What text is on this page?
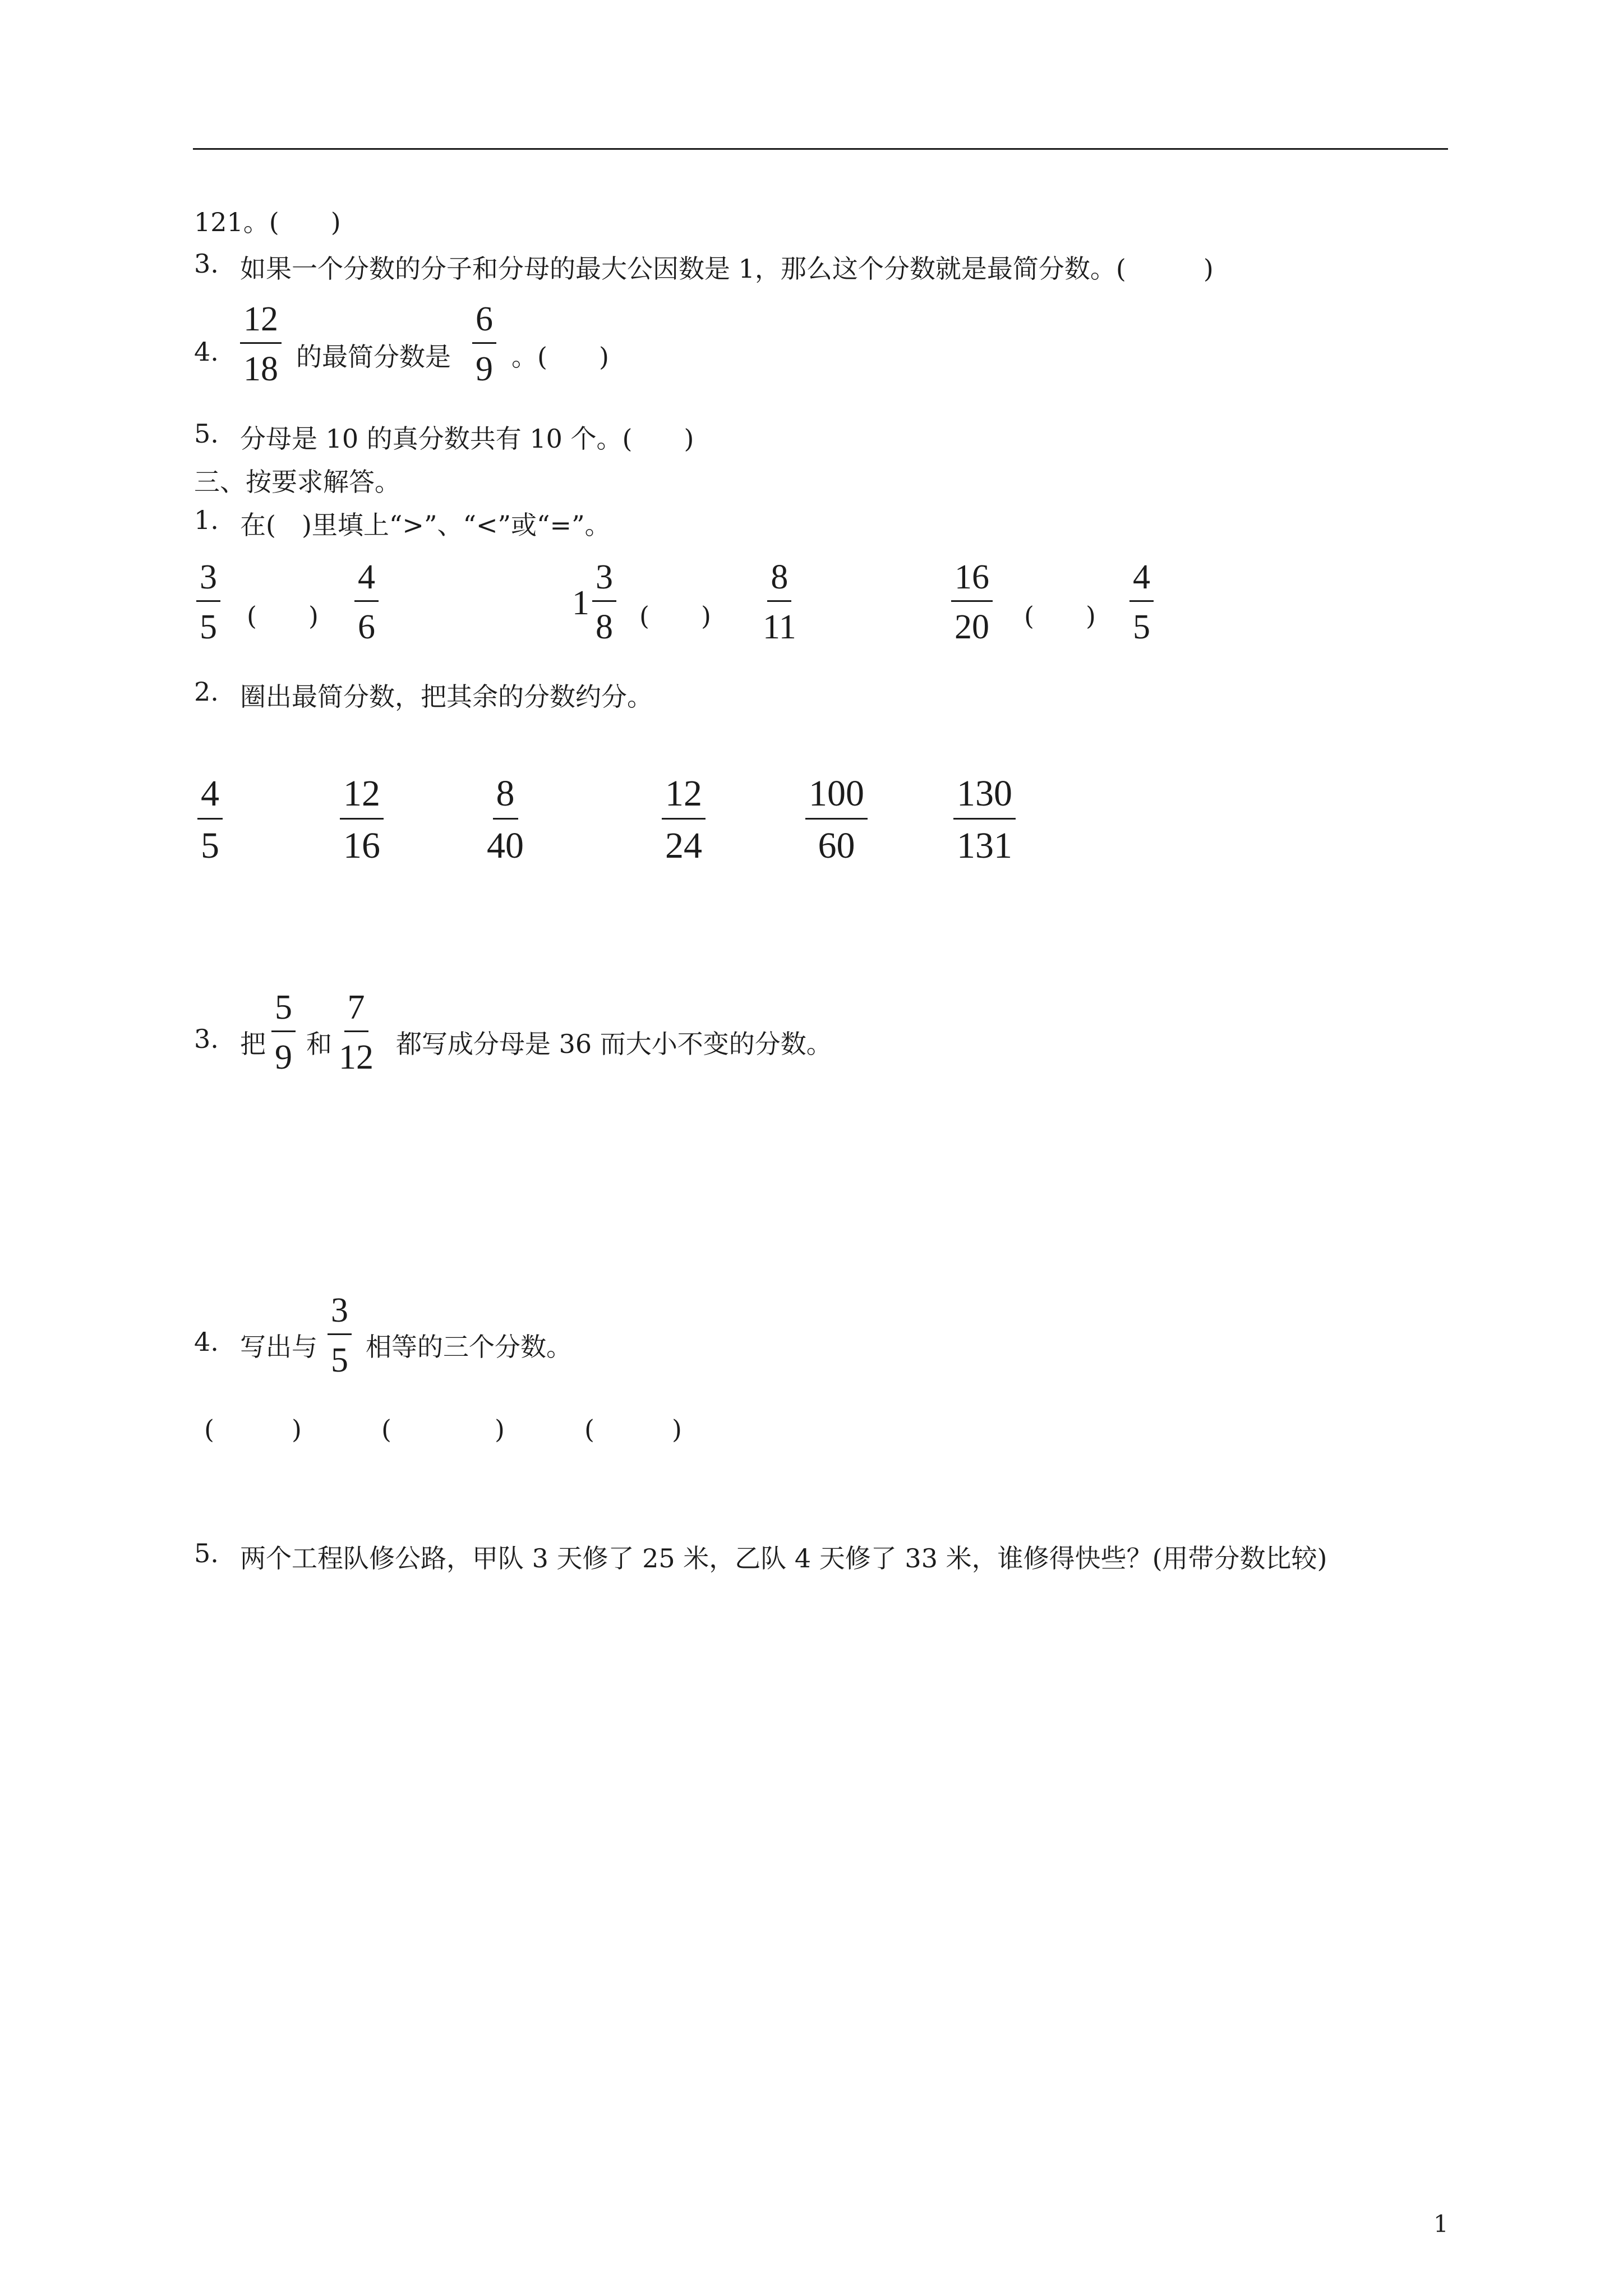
121。(　　)
3. 如果一个分数的分子和分母的最大公因数是 1，那么这个分数就是最简分数。(　　　)
4. $\frac{12}{18}$ 的最简分数是 $\frac{6}{9}$ 。(　　)
5. 分母是 10 的真分数共有 10 个。(　　)
三、按要求解答。
1. 在(　)里填上“>”、“<”或“=”。
$\frac{3}{5}$ (　　) $\frac{4}{6}$	$1 \frac{3}{8}$ (　　) $\frac{8}{11}$	$\frac{16}{20}$ (　　) $\frac{4}{5}$
2. 圈出最简分数，把其余的分数约分。
$\frac{4}{5}$	$\frac{12}{16}$	$\frac{8}{40}$	$\frac{12}{24}$	$\frac{100}{60} \frac{130}{131}$
3. 把 $\frac{5}{9}$ 和 $\frac{7}{12}$ 都写成分母是 36 而大小不变的分数。
4. 写出与 $\frac{3}{5}$ 相等的三个分数。
(　　　)	(　　　　)	(　　　)
5. 两个工程队修公路，甲队 3 天修了 25 米，乙队 4 天修了 33 米，谁修得快些？(用带分数比较)
1
